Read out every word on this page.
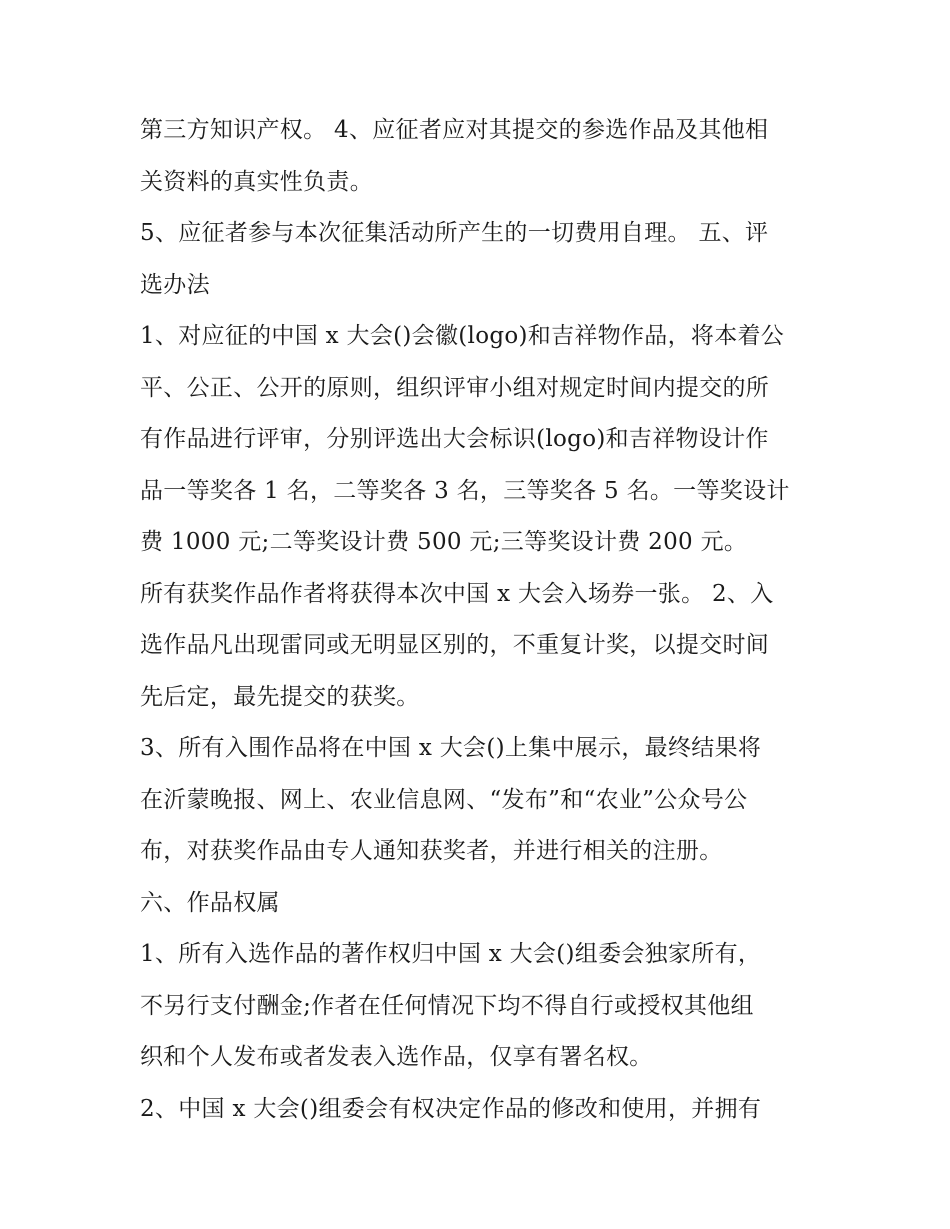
第三方知识产权。 4、应征者应对其提交的参选作品及其他相
关资料的真实性负责。
5、应征者参与本次征集活动所产生的一切费用自理。 五、评
选办法
1、对应征的中国 x 大会()会徽(logo)和吉祥物作品，将本着公
平、公正、公开的原则，组织评审小组对规定时间内提交的所
有作品进行评审，分别评选出大会标识(logo)和吉祥物设计作
品一等奖各 1 名，二等奖各 3 名，三等奖各 5 名。一等奖设计
费 1000 元;二等奖设计费 500 元;三等奖设计费 200 元。
所有获奖作品作者将获得本次中国 x 大会入场券一张。 2、入
选作品凡出现雷同或无明显区别的，不重复计奖，以提交时间
先后定，最先提交的获奖。
3、所有入围作品将在中国 x 大会()上集中展示，最终结果将
在沂蒙晚报、网上、农业信息网、“发布”和“农业”公众号公
布，对获奖作品由专人通知获奖者，并进行相关的注册。
六、作品权属
1、所有入选作品的著作权归中国 x 大会()组委会独家所有，
不另行支付酬金;作者在任何情况下均不得自行或授权其他组
织和个人发布或者发表入选作品，仅享有署名权。
2、中国 x 大会()组委会有权决定作品的修改和使用，并拥有
